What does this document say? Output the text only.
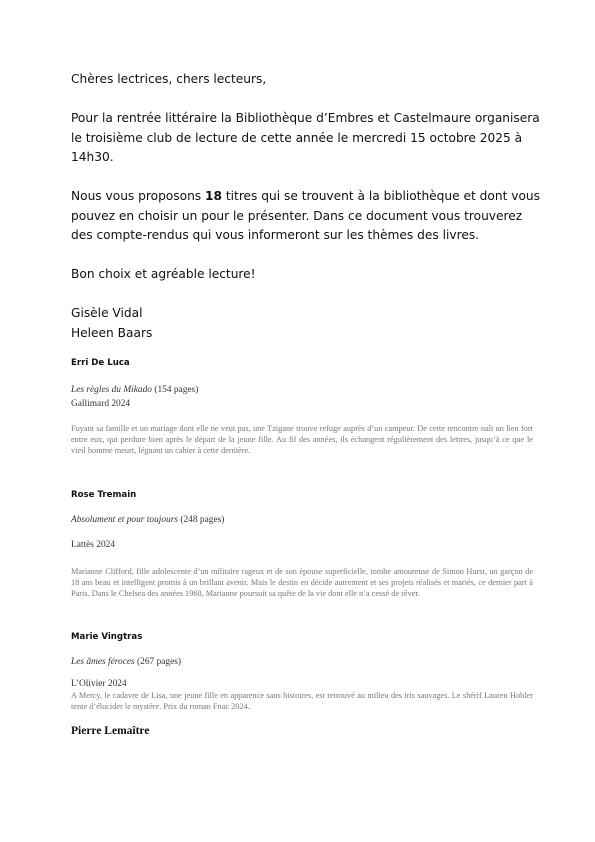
Chères lectrices, chers lecteurs,

Pour la rentrée littéraire la Bibliothèque d’Embres et Castelmaure organisera le troisième club de lecture de cette année le mercredi 15 octobre 2025 à 14h30.

Nous vous proposons 18 titres qui se trouvent à la bibliothèque et dont vous pouvez en choisir un pour le présenter. Dans ce document vous trouverez des compte-rendus qui vous informeront sur les thèmes des livres.

Bon choix et agréable lecture!

Gisèle Vidal

Heleen Baars

Erri De Luca

Les règles du Mikado (154 pages)

Gallimard 2024

Fuyant sa famille et un mariage dont elle ne veut pas, une Tzigane trouve refuge auprès d’un campeur. De cette rencontre naît un lien fort entre eux, qui perdure bien après le départ de la jeune fille. Au fil des années, ils échangent régulièrement des lettres, jusqu’à ce que le vieil homme meurt, léguant un cahier à cette dernière.

Rose Tremain

Absolument et pour toujours (248 pages)

Lattès 2024

Marianne Clifford, fille adolescente d’un militaire rageux et de son épouse superficielle, tombe amoureuse de Simon Hurst, un garçon de 18 ans beau et intelligent promis à un brillant avenir. Mais le destin en décide autrement et ses projets réalisés et mariés, ce dernier part à Paris. Dans le Chelsea des années 1960, Marianne poursuit sa quête de la vie dont elle n’a cessé de rêver.

Marie Vingtras

Les âmes féroces (267 pages)

L’Olivier 2024

A Mercy, le cadavre de Lisa, une jeune fille en apparence sans histoires, est retrouvé au milieu des iris sauvages. Le shérif Lauren Hobler tente d’élucider le mystère. Prix du roman Fnac 2024.

Pierre Lemaître
